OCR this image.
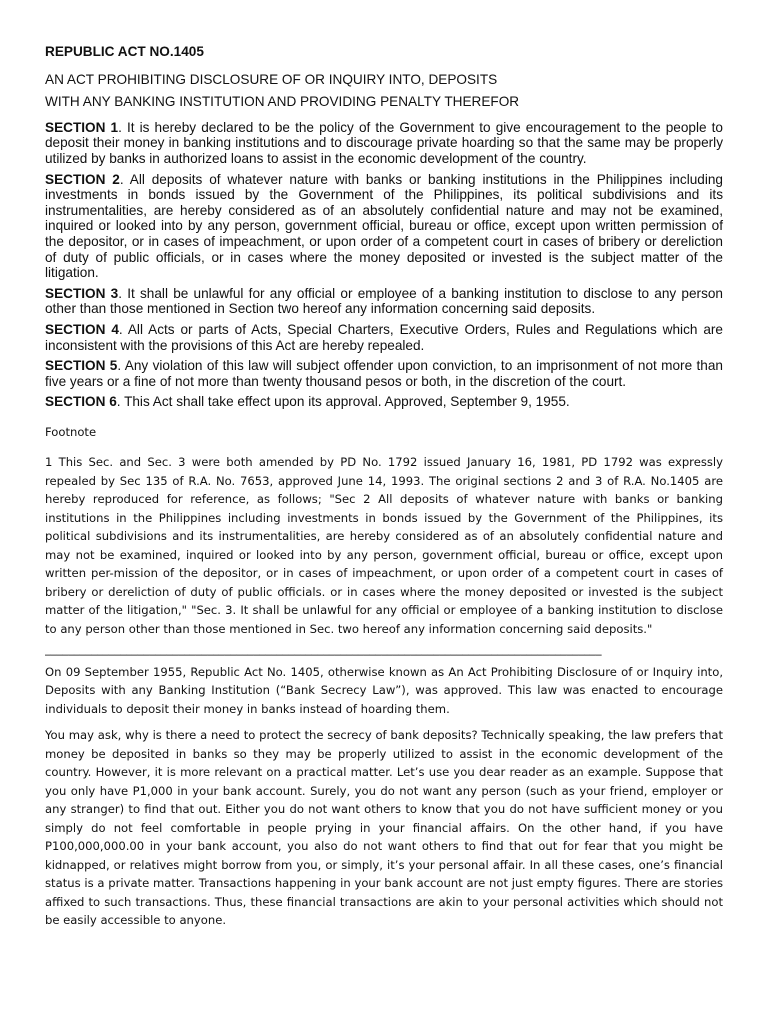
REPUBLIC ACT NO.1405
AN ACT PROHIBITING DISCLOSURE OF OR INQUIRY INTO, DEPOSITS
WITH ANY BANKING INSTITUTION AND PROVIDING PENALTY THEREFOR

SECTION 1. It is hereby declared to be the policy of the Government to give encouragement to the people to deposit their money in banking institutions and to discourage private hoarding so that the same may be properly utilized by banks in authorized loans to assist in the economic development of the country.

SECTION 2. All deposits of whatever nature with banks or banking institutions in the Philippines including investments in bonds issued by the Government of the Philippines, its political subdivisions and its instrumentalities, are hereby considered as of an absolutely confidential nature and may not be examined, inquired or looked into by any person, government official, bureau or office, except upon written permission of the depositor, or in cases of impeachment, or upon order of a competent court in cases of bribery or dereliction of duty of public officials, or in cases where the money deposited or invested is the subject matter of the litigation.

SECTION 3. It shall be unlawful for any official or employee of a banking institution to disclose to any person other than those mentioned in Section two hereof any information concerning said deposits.

SECTION 4. All Acts or parts of Acts, Special Charters, Executive Orders, Rules and Regulations which are inconsistent with the provisions of this Act are hereby repealed.

SECTION 5. Any violation of this law will subject offender upon conviction, to an imprisonment of not more than five years or a fine of not more than twenty thousand pesos or both, in the discretion of the court.

SECTION 6. This Act shall take effect upon its approval. Approved, September 9, 1955.

Footnote

1 This Sec. and Sec. 3 were both amended by PD No. 1792 issued January 16, 1981, PD 1792 was expressly repealed by Sec 135 of R.A. No. 7653, approved June 14, 1993. The original sections 2 and 3 of R.A. No.1405 are hereby reproduced for reference, as follows; "Sec 2 All deposits of whatever nature with banks or banking institutions in the Philippines including investments in bonds issued by the Government of the Philippines, its political subdivisions and its instrumentalities, are hereby considered as of an absolutely confidential nature and may not be examined, inquired or looked into by any person, government official, bureau or office, except upon written per-mission of the depositor, or in cases of impeachment, or upon order of a competent court in cases of bribery or dereliction of duty of public officials. or in cases where the money deposited or invested is the subject matter of the litigation," "Sec. 3. It shall be unlawful for any official or employee of a banking institution to disclose to any person other than those mentioned in Sec. two hereof any information concerning said deposits."

________________________________________________________________________________________________

On 09 September 1955, Republic Act No. 1405, otherwise known as An Act Prohibiting Disclosure of or Inquiry into, Deposits with any Banking Institution (“Bank Secrecy Law”), was approved. This law was enacted to encourage individuals to deposit their money in banks instead of hoarding them.

You may ask, why is there a need to protect the secrecy of bank deposits? Technically speaking, the law prefers that money be deposited in banks so they may be properly utilized to assist in the economic development of the country. However, it is more relevant on a practical matter. Let’s use you dear reader as an example. Suppose that you only have P1,000 in your bank account. Surely, you do not want any person (such as your friend, employer or any stranger) to find that out. Either you do not want others to know that you do not have sufficient money or you simply do not feel comfortable in people prying in your financial affairs. On the other hand, if you have P100,000,000.00 in your bank account, you also do not want others to find that out for fear that you might be kidnapped, or relatives might borrow from you, or simply, it’s your personal affair. In all these cases, one’s financial status is a private matter. Transactions happening in your bank account are not just empty figures. There are stories affixed to such transactions. Thus, these financial transactions are akin to your personal activities which should not be easily accessible to anyone.
